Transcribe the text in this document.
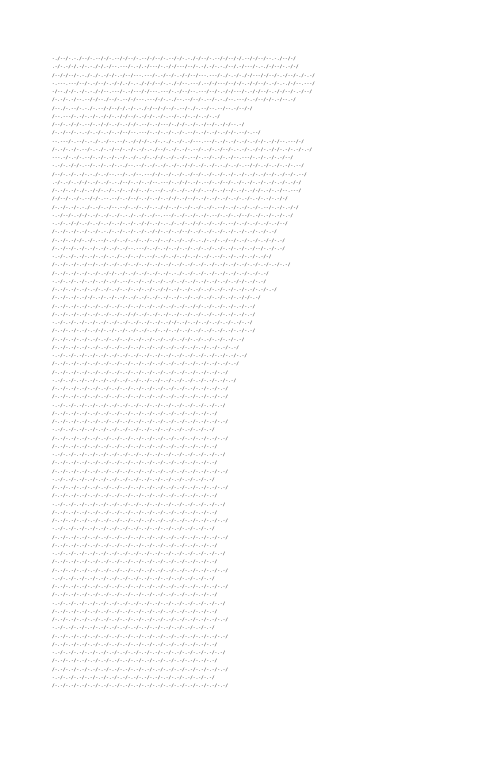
-./--/-.-./--/-.--/-/-.--/-/--/-.--/-/--/-.--/-/-.-./-/--/-.--/-/--/-/.--/-/--/--.-./--/-/
.-/-.-/-/.-/-.-./-/.-/--.---/-.-/.-/---/-.-/-/---/--/-.-/.-/-.-./--/.-/---/-.-./-/--/-.-/-/
/--/-/--/-.-./-./-.-/-/-.-/--/---.---/-.-/--/-.-/-/--/---.---/-./-.-/-./-/---/-/--/-.-/--/-./-.-/
-.---.---/--/-.-/--/-.-/-/.-/-.-./-/-/--/-.-./-/--.---/.--/-/---/--/-/-.-/-/--/-.-/-.-./-/--.---/
-/--./-/-.-/-.-./-/--.---/-.-/---/-/---.---/-.-/--/--.---/--/-.-/-/---/-.-/-/--/-.-/-/--/-.-/--/
/-.-/-.-/--.--/-/--./--/-.--/-/---.---/-/-.-./--.--/--/-.--/-.-./--.---/-.-/--/-/-.-/--.-/
/--./-.--/-.-./-.--/-/--/-/.-/-.-./-/--/-/--/-.--/-./-.--/--.--/--.-/--/-/
/--.---/-.-/-.-/-.-/-/-.-/-/--/-.-/-/-.-/-.--/-.-/-.-/-.-/-.-/
/--/-.-/-/-.--/-.-/-/-.-/-.-/-/-.--/-.-/---/-./-/-.-/-.-/--/-.-/-/--.-/
/-.-/--/-.-.-/-.-/-.-/-.-/--/--.---/-.-/-.-/-.-/-.--/-.-/-.-/-.-/-/-.--/-.--/
--.---/-.--/-.-./-.-/--.--/-.-/-/-/-.-/-.-./-.-/-.-/---.---/-.-/-.-/-.-/-.-/-/-.-/-/--.---/-/
/-.-/-.-/-.--/-.-./-.-/--/-.-/-.-/-.-./--/-.-/-.-/-.--/-.-/-.-/--/-.-.-/-.-/-/-.-/-/-.-/-.-/-.-/
---.-/-.-/-.--/-.-/-.-/-.-/-.-/-.-/-.-/-/-.-/-.-/-.--/-.--/-.-/-.-/--.---/-.-/-.-/-.-/--/
-.-/-.-/-/-.--/-.-/-.-/-.-./--.--/-.-/-.-/-.-/-.-/-/-.-/-.-/-.-./-.-/-.--/-/-.-/-.-/-.-/-.--/
/--/-.-/-.-/-.-./-.-/--.--/-.-/--.---/-/-.-/-.-/-.-/--/-.-/-.-/-.-/-.-/-.-/-.-/--/-.-/--/-.--/
.-/-.-/-.-/-/-.-/-.-/-.-./--/-.-/-.-/--.---/-.-/-/-.-/-.--/-.-/--/-.-/-.-/-.-/-.-/-.-/-.-/-/
/-.-/-.-/-./-.-/-/-.-/-.-/-.-/-/-.-/-.--/-.-/-.-/-.-/-/-.--/-.-/--/-.-/-.-/-/-.-/-.-/--.---/
/-/--/-.-/-.--/-/-.--.--/-.-/--/-.-/-.-/-.-/-/-.-/--/-.-/-.-/-.-/-.-/-.-/-.-/-.-/-.-/-/
/-.-/-.-/-.-./-.-/-.-/--.--/-.-/-.-/-.-./-/-.-/-.-/-.-/-.-/-.--/-.-/-.-/-.-/-.--/-.-/-.-/-/
-.-/--/-.-/-/-.-/-.-/-.-/-.-./-.-/-.-/--.---/-.-/-.-/-.-/-.--/-.-/-.-/--/-.-/-.-/-.-/-.-/
-.-/-.-/-/-.-/-.-/-.-/-.-/-.-/-.-/-/-.-/-.-./-.-/-.-/-/-.-/-.-/-.--/-.-/-.-/-.-/-.-/--/
/-.-/-.-/-.-/-.-/-.-./-.-/-.-/-.-/-.-/-/-.-/-.-/--/-.-/-.-/-.-/-.-/-.-/-.-/-.-/-.-/
/-.-/-.-/-/-.-/-.--/-.-/-.-/-.-/-.-/-.-/-.-/-.-/-.-/-.-./-.-/-.-/--/-.-/-.-/-.-/-/-.-/
/-.-/--/-.-/-.-/-.-/-.-/-.-/--.---/-.-/-.-/-.-/-.-/-.-/-.-/-.-/-.-/-.-/-.-/--/-.-/-.-/
-.-/-.-/-.-/-.-/-.-/-.-./-.-/-.-/-.--/-.-/-.-/-.-/-.-/-.-/-.--/-.-/-.-/-.-/-.-/-/
/-.-/-.-/-.-/--/-.-/-.-/-.-/-.-/-.-/-.-/-.-/-.-/-.-/-.-/-.-/-.-/-.-/-.-/-.-/-.-/-.-/-.-/
/-.-/-.-/-.-/-.-/-.-/-/-.-/-.-/-.-/-.-/-.-/-.-./-.-/-.-/-.-/-.-/-.-/-.-/-.-/-.-/
-.-/-.-/-.-/-.-/-.-/-.-/-.--/-.-/-.-/-.-/-.-/-.-/-.-/-.-/-.-/-.-/-.-/-/-.-/-.-/
/-.-/-.-/-.-/-.-/-.-/-.-/-.-/-.-/-.-/-.-/-/-.-/-.-/-.-/-.-/-.-/-.-/-.-/-.-/-.-/-.-/
/-.-/-.-/-.-/-/-.-/-.-/-.-/-.-/-.-/-.-/-.-/-.-/-.-/-.-/-.-/-.-/-.-/-.-/-/-.-/
/-.-/-.-/-.-/-.-/-.-/-.-/-.-/-.-/-.-/-.-/-.-/-.-/-.-/-/-.-/-.-/-.-/-.-/-.-/
/-.-/-.-/-.-/-.-/-.-/-.-/-.-/-/-.-/-.-/-.-/-.-/-.-/-.-/-.-/-.-/-.-/-.-/-.-/
-.-/-.-/-.-/-.-/-.-/-.-/-.-/-.-/-.-/-.-/-.-/-/-.-/-.-/-.-/-.-/-.-/-.-/-.-/
/-.-/-.-/-.-/-.-/-/-.-/-.-/-.-/-.-/-.-/-.-/-.-/-.-/-.-/-.-/-.-/-.-/-.-/-.-/
/-.-/-.-/-.-/-.-/-.-/-.-/-.-/-.-/-.-/-.-/-.-/-.-/-/-.-/-.-/-.-/-.-/-.-/
/-.-/-.-/-.-/-.-/-.-/-.-/-.-/-.-/-.-/-.-/-.-/-.-/-.-/-.-/-.-/-.-/-.-/
-.-/-.-/-.-/-.-/-.-/-.-/-.-/-.-/-.-/-.-/-.-/-.-/-.-/-.-/-.-/-.-/-.-/-.-/
/-.-/-.-/-.-/-.-/-.-/-.-/-.-/-.-/-.-/-.-/-.-/-.-/-.-/-.-/-.-/-.-/-.-/
/-.-/-.-/-.-/-.-/-.-/-.-/-.-/-.-/-.-/-.-/-.-/-.-/-.-/-.-/-.-/-.-/
-.-/-.-/-.-/-.-/-.-/-.-/-.-/-.-/-.-/-.-/-.-/-.-/-.-/-.-/-.-/-.-/-.-/
/-.-/-.-/-.-/-.-/-.-/-.-/-.-/-.-/-.-/-.-/-.-/-.-/-.-/-.-/-.-/-.-/
/-.-/-.-/-.-/-.-/-.-/-.-/-.-/-.-/-.-/-.-/-.-/-.-/-.-/-.-/-.-/-.-/
-.-/-.-/-.-/-.-/-.-/-.-/-.-/-.-/-.-/-.-/-.-/-.-/-.-/-.-/-.-/-.-/
/-.-/-.-/-.-/-.-/-.-/-.-/-.-/-.-/-.-/-.-/-.-/-.-/-.-/-.-/-.-/
/-.-/-.-/-.-/-.-/-.-/-.-/-.-/-.-/-.-/-.-/-.-/-.-/-.-/-.-/-.-/-.-/
-.-/-.-/-.-/-.-/-.-/-.-/-.-/-.-/-.-/-.-/-.-/-.-/-.-/-.-/-.-/
/-.-/-.-/-.-/-.-/-.-/-.-/-.-/-.-/-.-/-.-/-.-/-.-/-.-/-.-/-.-/-.-/
/-.-/-.-/-.-/-.-/-.-/-.-/-.-/-.-/-.-/-.-/-.-/-.-/-.-/-.-/-.-/
-.-/-.-/-.-/-.-/-.-/-.-/-.-/-.-/-.-/-.-/-.-/-.-/-.-/-.-/-.-/-.-/
/-.-/-.-/-.-/-.-/-.-/-.-/-.-/-.-/-.-/-.-/-.-/-.-/-.-/-.-/-.-/
/-.-/-.-/-.-/-.-/-.-/-.-/-.-/-.-/-.-/-.-/-.-/-.-/-.-/-.-/-.-/-.-/
-.-/-.-/-.-/-.-/-.-/-.-/-.-/-.-/-.-/-.-/-.-/-.-/-.-/-.-/-.-/
/-.-/-.-/-.-/-.-/-.-/-.-/-.-/-.-/-.-/-.-/-.-/-.-/-.-/-.-/-.-/-.-/
/-.-/-.-/-.-/-.-/-.-/-.-/-.-/-.-/-.-/-.-/-.-/-.-/-.-/-.-/-.-/
-.-/-.-/-.-/-.-/-.-/-.-/-.-/-.-/-.-/-.-/-.-/-.-/-.-/-.-/-.-/-.-/
/-.-/-.-/-.-/-.-/-.-/-.-/-.-/-.-/-.-/-.-/-.-/-.-/-.-/-.-/-.-/
/-.-/-.-/-.-/-.-/-.-/-.-/-.-/-.-/-.-/-.-/-.-/-.-/-.-/-.-/-.-/-.-/
-.-/-.-/-.-/-.-/-.-/-.-/-.-/-.-/-.-/-.-/-.-/-.-/-.-/-.-/-.-/
/-.-/-.-/-.-/-.-/-.-/-.-/-.-/-.-/-.-/-.-/-.-/-.-/-.-/-.-/-.-/-.-/
/-.-/-.-/-.-/-.-/-.-/-.-/-.-/-.-/-.-/-.-/-.-/-.-/-.-/-.-/-.-/
-.-/-.-/-.-/-.-/-.-/-.-/-.-/-.-/-.-/-.-/-.-/-.-/-.-/-.-/-.-/-.-/
/-.-/-.-/-.-/-.-/-.-/-.-/-.-/-.-/-.-/-.-/-.-/-.-/-.-/-.-/-.-/
/-.-/-.-/-.-/-.-/-.-/-.-/-.-/-.-/-.-/-.-/-.-/-.-/-.-/-.-/-.-/-.-/
-.-/-.-/-.-/-.-/-.-/-.-/-.-/-.-/-.-/-.-/-.-/-.-/-.-/-.-/-.-/
/-.-/-.-/-.-/-.-/-.-/-.-/-.-/-.-/-.-/-.-/-.-/-.-/-.-/-.-/-.-/-.-/
/-.-/-.-/-.-/-.-/-.-/-.-/-.-/-.-/-.-/-.-/-.-/-.-/-.-/-.-/-.-/
-.-/-.-/-.-/-.-/-.-/-.-/-.-/-.-/-.-/-.-/-.-/-.-/-.-/-.-/-.-/-.-/
/-.-/-.-/-.-/-.-/-.-/-.-/-.-/-.-/-.-/-.-/-.-/-.-/-.-/-.-/-.-/
/-.-/-.-/-.-/-.-/-.-/-.-/-.-/-.-/-.-/-.-/-.-/-.-/-.-/-.-/-.-/-.-/
-.-/-.-/-.-/-.-/-.-/-.-/-.-/-.-/-.-/-.-/-.-/-.-/-.-/-.-/-.-/
/-.-/-.-/-.-/-.-/-.-/-.-/-.-/-.-/-.-/-.-/-.-/-.-/-.-/-.-/-.-/-.-/
/-.-/-.-/-.-/-.-/-.-/-.-/-.-/-.-/-.-/-.-/-.-/-.-/-.-/-.-/-.-/
-.-/-.-/-.-/-.-/-.-/-.-/-.-/-.-/-.-/-.-/-.-/-.-/-.-/-.-/-.-/-.-/
/-.-/-.-/-.-/-.-/-.-/-.-/-.-/-.-/-.-/-.-/-.-/-.-/-.-/-.-/-.-/
/-.-/-.-/-.-/-.-/-.-/-.-/-.-/-.-/-.-/-.-/-.-/-.-/-.-/-.-/-.-/-.-/
-.-/-.-/-.-/-.-/-.-/-.-/-.-/-.-/-.-/-.-/-.-/-.-/-.-/-.-/-.-/
/-.-/-.-/-.-/-.-/-.-/-.-/-.-/-.-/-.-/-.-/-.-/-.-/-.-/-.-/-.-/-.-/
